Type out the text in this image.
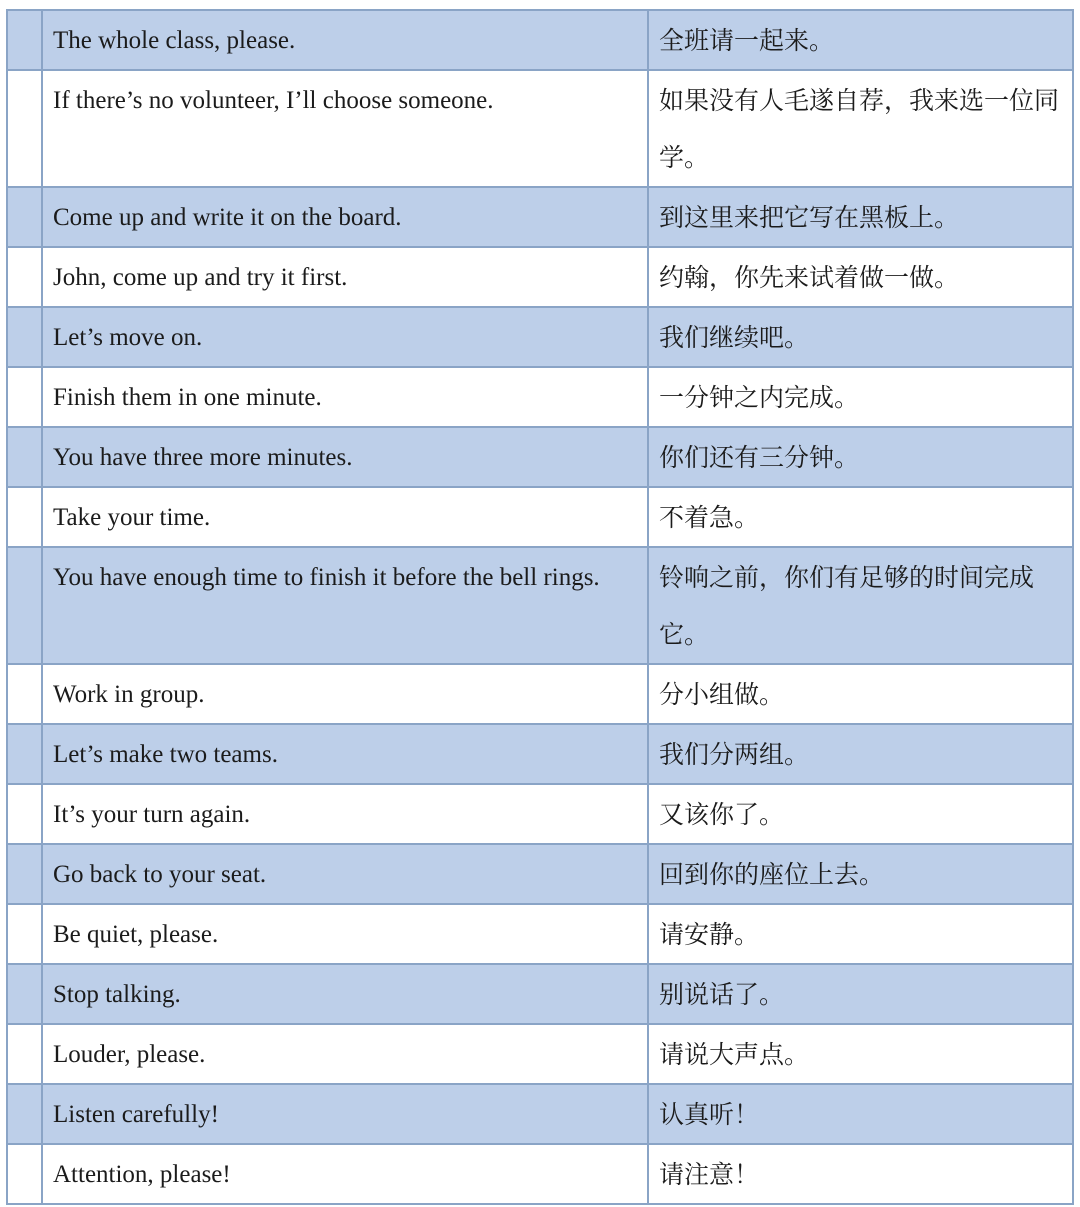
	The whole class, please.	全班请一起来。
	If there’s no volunteer, I’ll choose someone.	如果没有人毛遂自荐，我来选一位同学。
	Come up and write it on the board.	到这里来把它写在黑板上。
	John, come up and try it first.	约翰，你先来试着做一做。
	Let’s move on.	我们继续吧。
	Finish them in one minute.	一分钟之内完成。
	You have three more minutes.	你们还有三分钟。
	Take your time.	不着急。
	You have enough time to finish it before the bell rings.	铃响之前，你们有足够的时间完成它。
	Work in group.	分小组做。
	Let’s make two teams.	我们分两组。
	It’s your turn again.	又该你了。
	Go back to your seat.	回到你的座位上去。
	Be quiet, please.	请安静。
	Stop talking.	别说话了。
	Louder, please.	请说大声点。
	Listen carefully!	认真听！
	Attention, please!	请注意！
